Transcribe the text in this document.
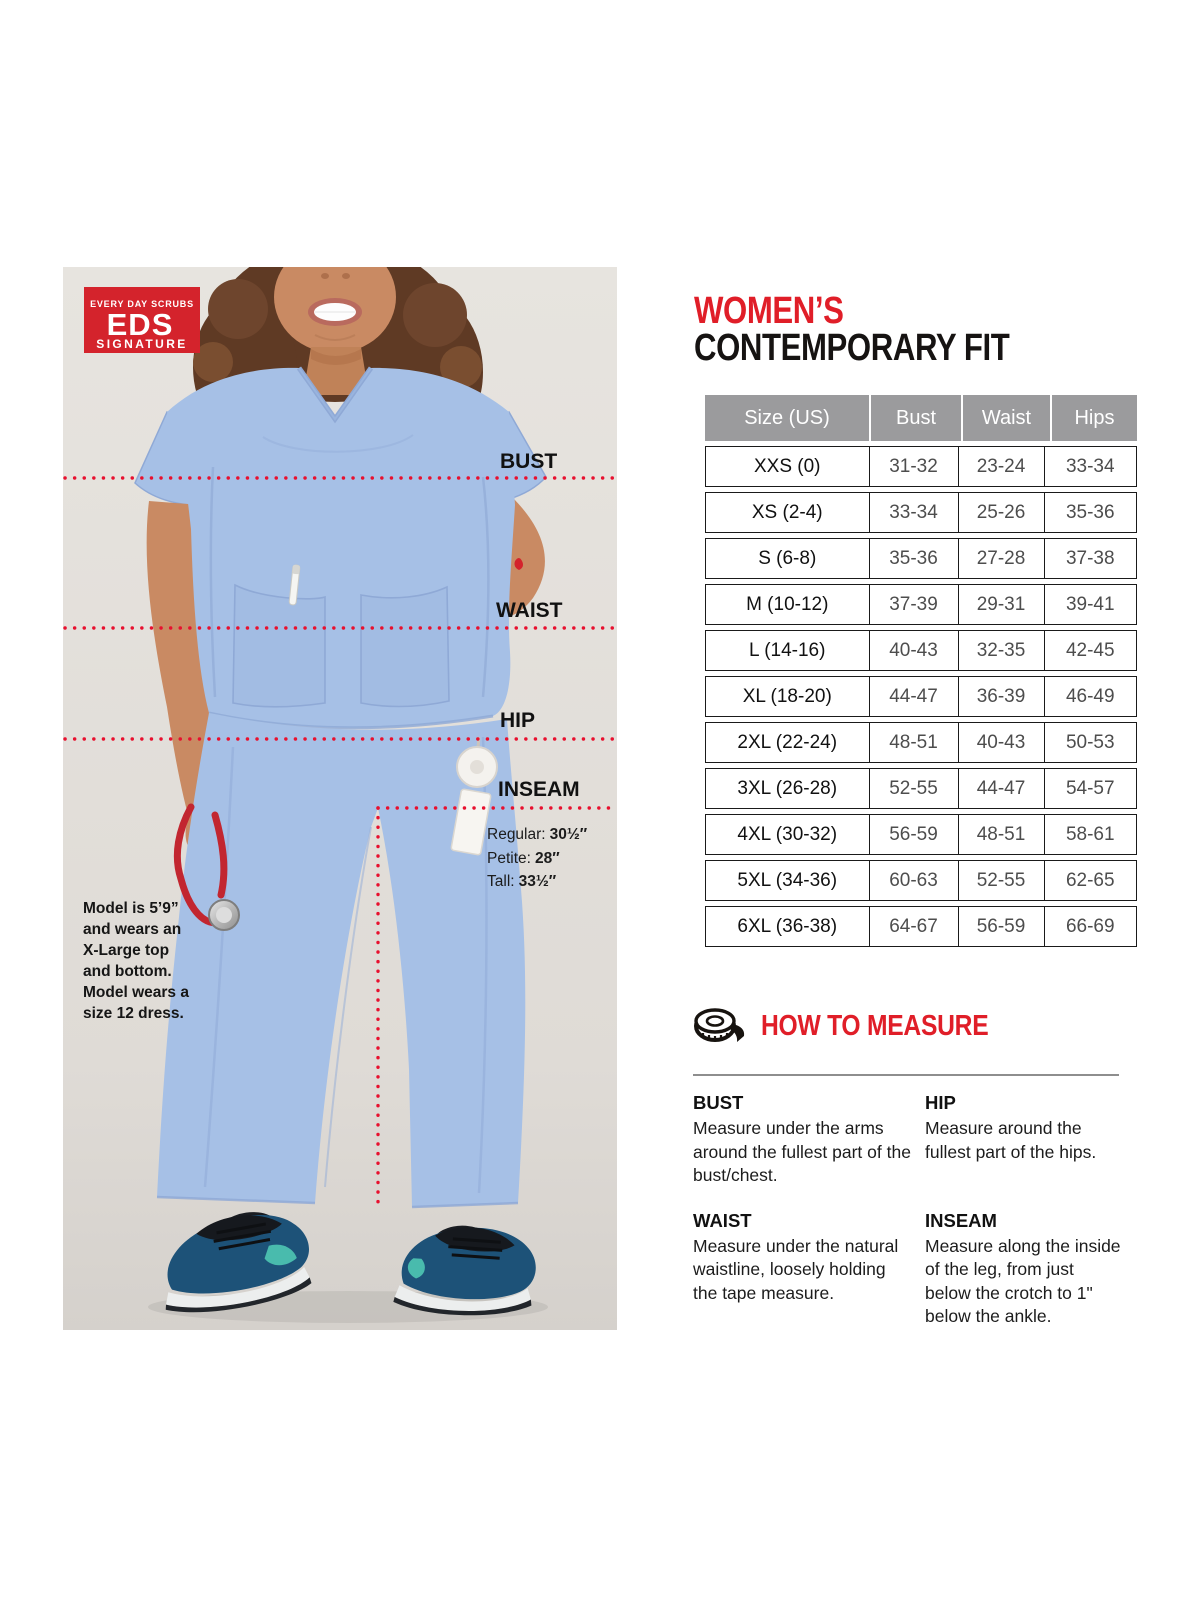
EVERY DAY SCRUBS
EDS
SIGNATURE
BUST
WAIST
HIP
INSEAM
Regular: 30½″
Petite: 28″
Tall: 33½″
Model is 5’9”
and wears an
X-Large top
and bottom.
Model wears a
size 12 dress.
WOMEN’S
CONTEMPORARY FIT
Size (US)	Bust	Waist	Hips
XXS (0)	31-32	23-24	33-34
XS (2-4)	33-34	25-26	35-36
S (6-8)	35-36	27-28	37-38
M (10-12)	37-39	29-31	39-41
L (14-16)	40-43	32-35	42-45
XL (18-20)	44-47	36-39	46-49
2XL (22-24)	48-51	40-43	50-53
3XL (26-28)	52-55	44-47	54-57
4XL (30-32)	56-59	48-51	58-61
5XL (34-36)	60-63	52-55	62-65
6XL (36-38)	64-67	56-59	66-69
HOW TO MEASURE
BUST
Measure under the arms around the fullest part of the bust/chest.
HIP
Measure around the fullest part of the hips.
WAIST
Measure under the natural waistline, loosely holding the tape measure.
INSEAM
Measure along the inside of the leg, from just below the crotch to 1" below the ankle.
